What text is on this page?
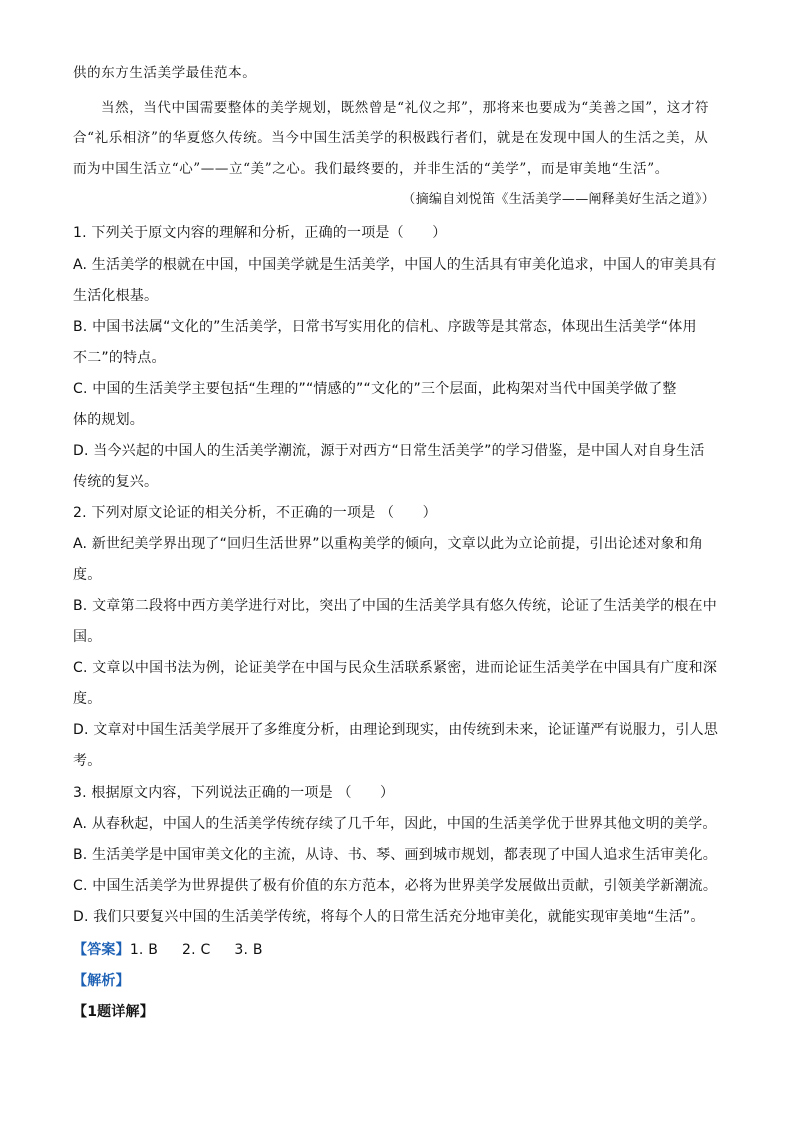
供的东方生活美学最佳范本。
当然，当代中国需要整体的美学规划，既然曾是“礼仪之邦”，那将来也要成为“美善之国”，这才符
合“礼乐相济”的华夏悠久传统。当今中国生活美学的积极践行者们，就是在发现中国人的生活之美，从
而为中国生活立“心”——立“美”之心。我们最终要的，并非生活的“美学”，而是审美地“生活”。
（摘编自刘悦笛《生活美学——阐释美好生活之道》）
1. 下列关于原文内容的理解和分析，正确的一项是（　　）
A. 生活美学的根就在中国，中国美学就是生活美学，中国人的生活具有审美化追求，中国人的审美具有
生活化根基。
B. 中国书法属“文化的”生活美学，日常书写实用化的信札、序跋等是其常态，体现出生活美学“体用
不二”的特点。
C. 中国的生活美学主要包括“生理的”“情感的”“文化的”三个层面，此构架对当代中国美学做了整
体的规划。
D. 当今兴起的中国人的生活美学潮流，源于对西方“日常生活美学”的学习借鉴，是中国人对自身生活
传统的复兴。
2. 下列对原文论证的相关分析，不正确的一项是 （　　）
A. 新世纪美学界出现了“回归生活世界”以重构美学的倾向，文章以此为立论前提，引出论述对象和角
度。
B. 文章第二段将中西方美学进行对比，突出了中国的生活美学具有悠久传统，论证了生活美学的根在中
国。
C. 文章以中国书法为例，论证美学在中国与民众生活联系紧密，进而论证生活美学在中国具有广度和深
度。
D. 文章对中国生活美学展开了多维度分析，由理论到现实，由传统到未来，论证谨严有说服力，引人思
考。
3. 根据原文内容，下列说法正确的一项是 （　　）
A. 从春秋起，中国人的生活美学传统存续了几千年，因此，中国的生活美学优于世界其他文明的美学。
B. 生活美学是中国审美文化的主流，从诗、书、琴、画到城市规划，都表现了中国人追求生活审美化。
C. 中国生活美学为世界提供了极有价值的东方范本，必将为世界美学发展做出贡献，引领美学新潮流。
D. 我们只要复兴中国的生活美学传统，将每个人的日常生活充分地审美化，就能实现审美地“生活”。
【答案】1. B 2. C 3. B
【解析】
【1题详解】
